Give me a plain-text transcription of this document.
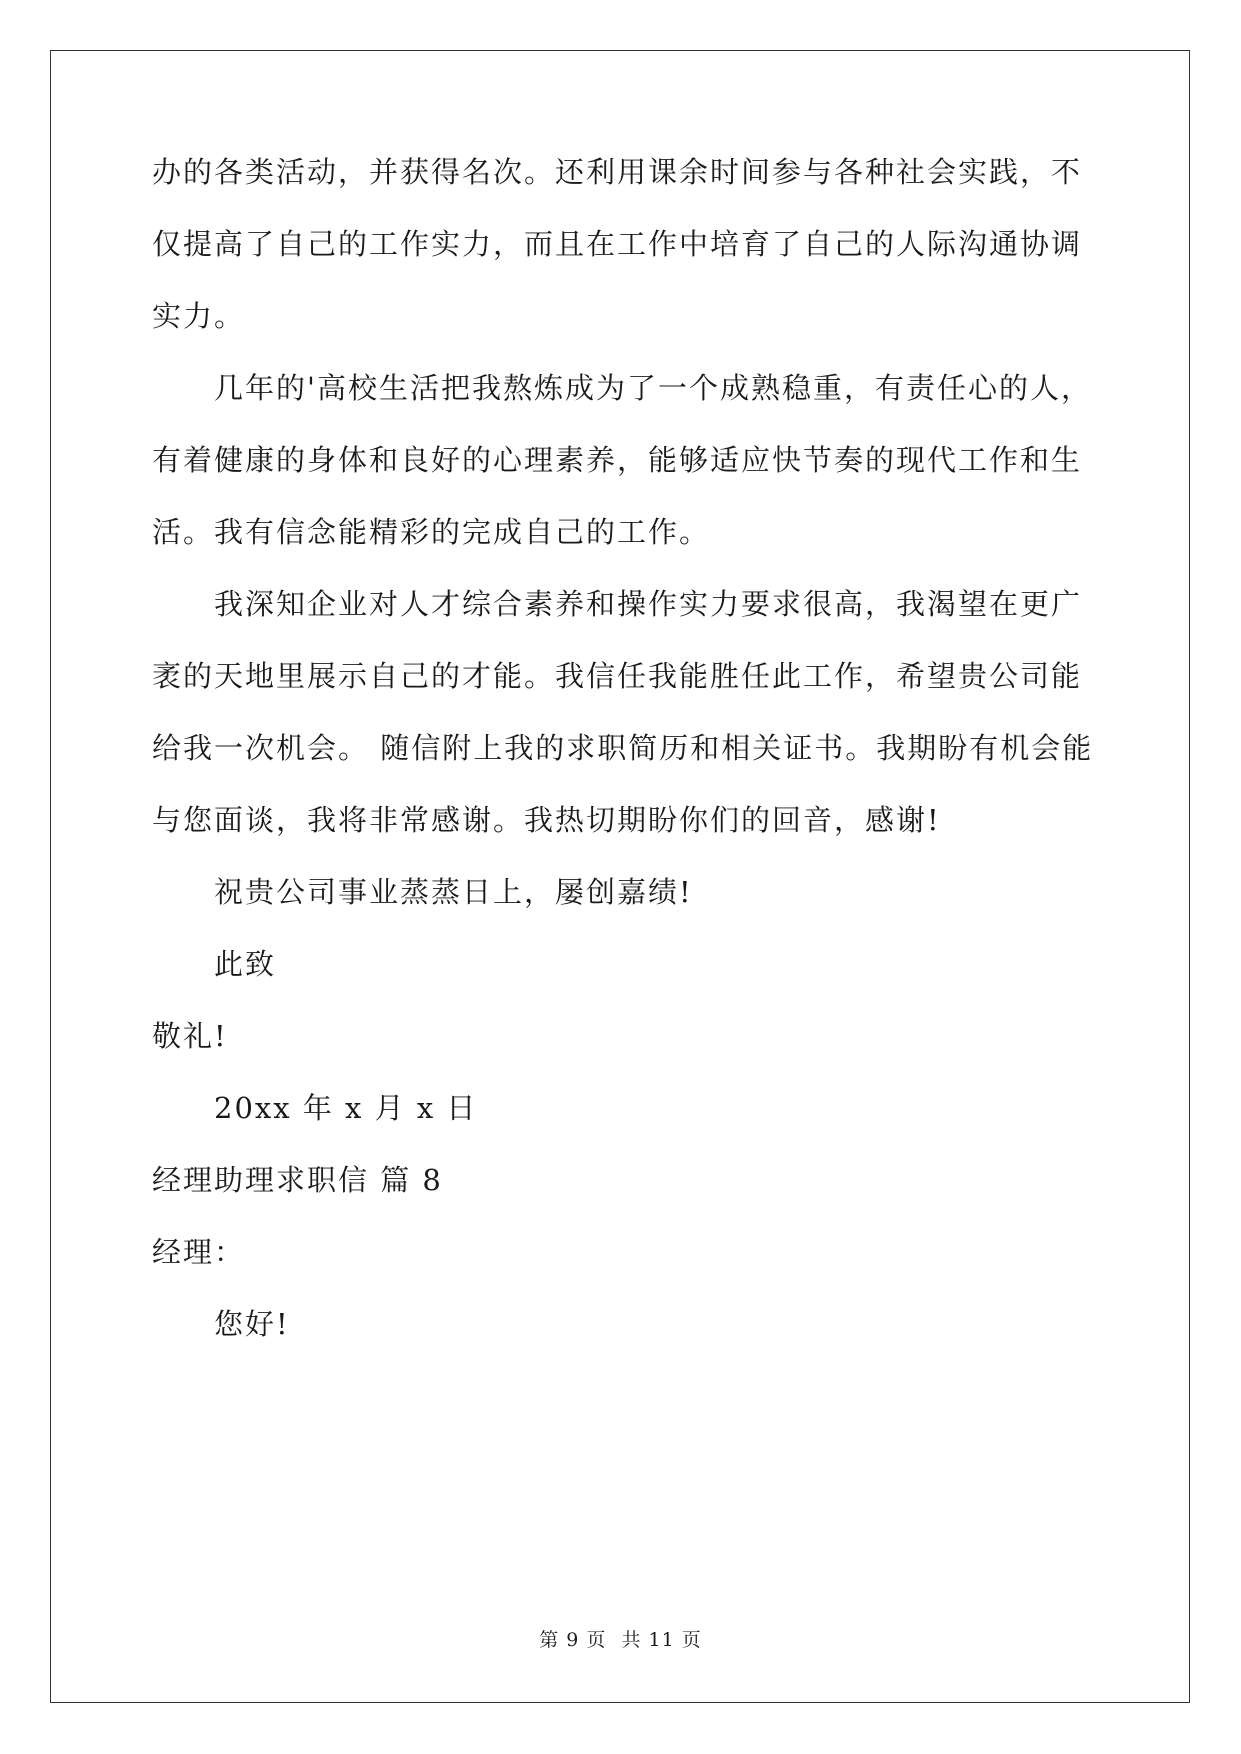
办的各类活动，并获得名次。还利用课余时间参与各种社会实践，不
仅提高了自己的工作实力，而且在工作中培育了自己的人际沟通协调
实力。
几年的'高校生活把我熬炼成为了一个成熟稳重，有责任心的人，
有着健康的身体和良好的心理素养，能够适应快节奏的现代工作和生
活。我有信念能精彩的完成自己的工作。
我深知企业对人才综合素养和操作实力要求很高，我渴望在更广
袤的天地里展示自己的才能。我信任我能胜任此工作，希望贵公司能
给我一次机会。 随信附上我的求职简历和相关证书。我期盼有机会能
与您面谈，我将非常感谢。我热切期盼你们的回音，感谢!
祝贵公司事业蒸蒸日上，屡创嘉绩!
此致
敬礼!
20xx 年 x 月 x 日
经理助理求职信 篇 8
经理：
您好!
第 9 页 共 11 页
